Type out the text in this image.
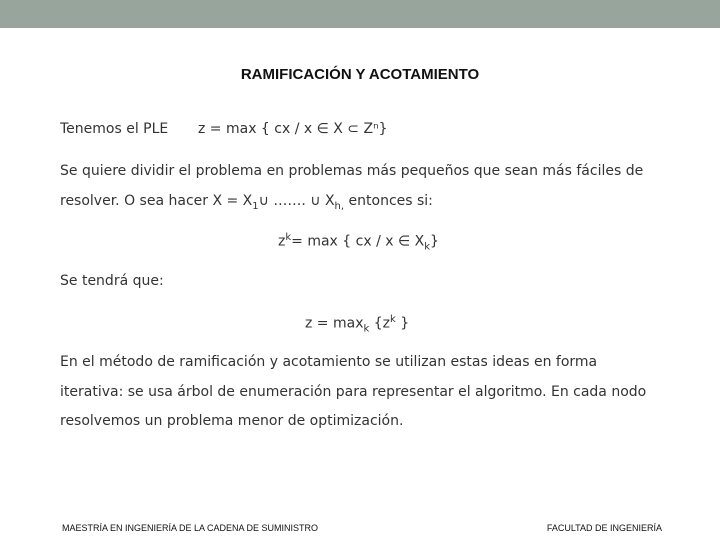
RAMIFICACIÓN Y ACOTAMIENTO
Tenemos el PLE z = max { cx / x ∈ X ⊂ Zⁿ}
Se quiere dividir el problema en problemas más pequeños que sean más fáciles de
resolver. O sea hacer $X = X_1\cup$ ……. ∪ $X_{h,}$ entonces si:
$z^k= \max$ { cx / x ∈ $X_k$}
Se tendrá que:
$z = \max_k \{z^k$ }
En el método de ramificación y acotamiento se utilizan estas ideas en forma
iterativa: se usa árbol de enumeración para representar el algoritmo. En cada nodo
resolvemos un problema menor de optimización.
MAESTRÍA EN INGENIERÍA DE LA CADENA DE SUMINISTRO	FACULTAD DE INGENIERÍA
